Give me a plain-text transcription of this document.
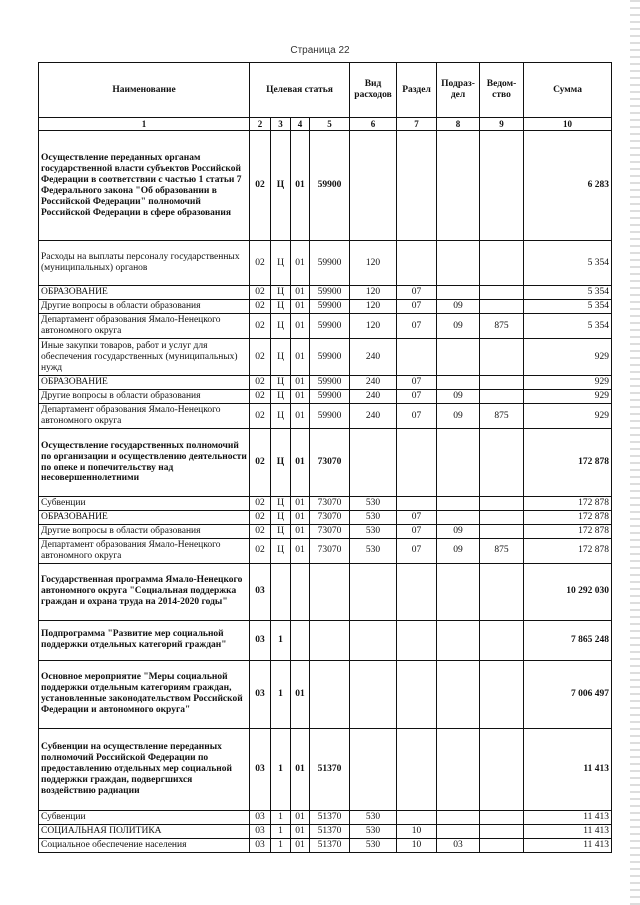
Страница 22
Наименование	Целевая статья				Вид расходов	Раздел	Подраз-дел	Ведом-ство	Сумма
1	2	3	4	5	6	7	8	9	10
Осуществление переданных органам государственной власти субъектов Российской Федерации в соответствии с частью 1 статьи 7 Федерального закона "Об образовании в Российской Федерации" полномочий Российской Федерации в сфере образования	02	Ц	01	59900					6 283
Расходы на выплаты персоналу государственных (муниципальных) органов	02	Ц	01	59900	120				5 354
ОБРАЗОВАНИЕ	02	Ц	01	59900	120	07			5 354
Другие вопросы в области образования	02	Ц	01	59900	120	07	09		5 354
Департамент образования Ямало-Ненецкого автономного округа	02	Ц	01	59900	120	07	09	875	5 354
Иные закупки товаров, работ и услуг для обеспечения государственных (муниципальных) нужд	02	Ц	01	59900	240				929
ОБРАЗОВАНИЕ	02	Ц	01	59900	240	07			929
Другие вопросы в области образования	02	Ц	01	59900	240	07	09		929
Департамент образования Ямало-Ненецкого автономного округа	02	Ц	01	59900	240	07	09	875	929
Осуществление государственных полномочий по организации и осуществлению деятельности по опеке и попечительству над несовершеннолетними	02	Ц	01	73070					172 878
Субвенции	02	Ц	01	73070	530				172 878
ОБРАЗОВАНИЕ	02	Ц	01	73070	530	07			172 878
Другие вопросы в области образования	02	Ц	01	73070	530	07	09		172 878
Департамент образования Ямало-Ненецкого автономного округа	02	Ц	01	73070	530	07	09	875	172 878
Государственная программа Ямало-Ненецкого автономного округа "Социальная поддержка граждан и охрана труда на 2014-2020 годы"	03								10 292 030
Подпрограмма "Развитие мер социальной поддержки отдельных категорий граждан"	03	1							7 865 248
Основное мероприятие "Меры социальной поддержки отдельным категориям граждан, установленные законодательством Российской Федерации и автономного округа"	03	1	01						7 006 497
Субвенции на осуществление переданных полномочий Российской Федерации по предоставлению отдельных мер социальной поддержки граждан, подвергшихся воздействию радиации	03	1	01	51370					11 413
Субвенции	03	1	01	51370	530				11 413
СОЦИАЛЬНАЯ ПОЛИТИКА	03	1	01	51370	530	10			11 413
Социальное обеспечение населения	03	1	01	51370	530	10	03		11 413
